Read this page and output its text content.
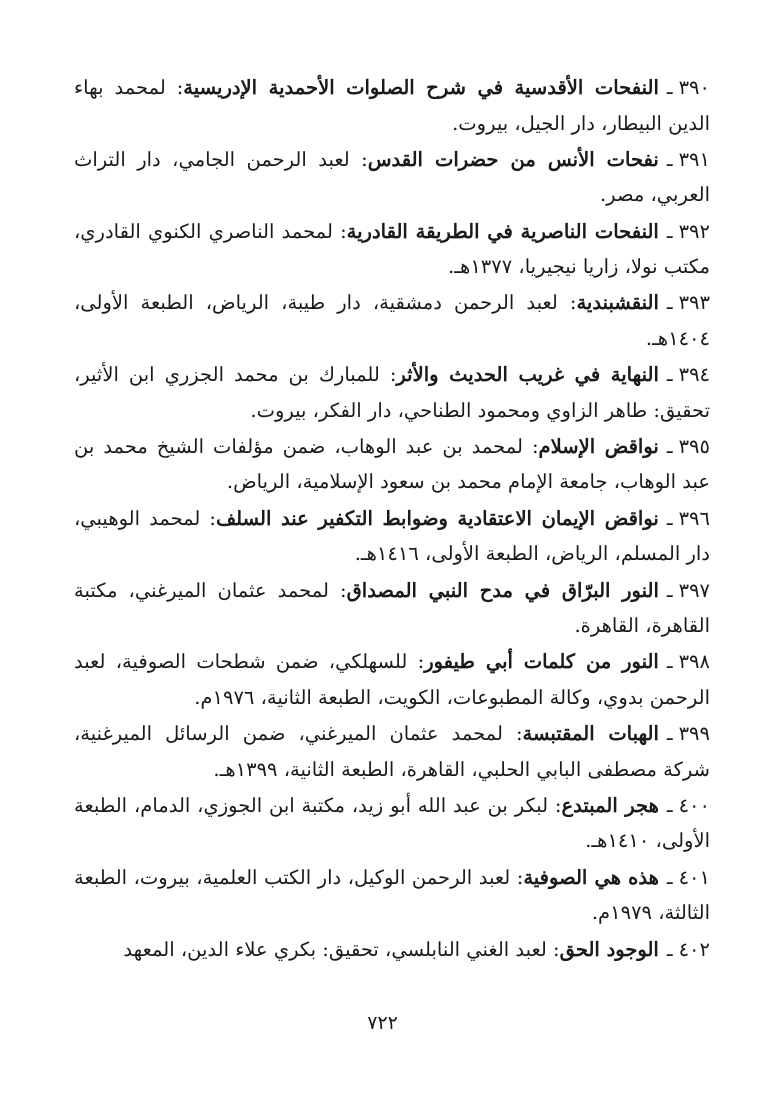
٣٩٠ـالنفحات الأقدسية في شرح الصلوات الأحمدية الإدريسية: لمحمد بهاء الدين البيطار، دار الجيل، بيروت.
٣٩١ـنفحات الأنس من حضرات القدس: لعبد الرحمن الجامي، دار التراث العربي، مصر.
٣٩٢ـالنفحات الناصرية في الطريقة القادرية: لمحمد الناصري الكنوي القادري، مكتب نولا، زاريا نيجيريا، ١٣٧٧هـ.
٣٩٣ـالنقشبندية: لعبد الرحمن دمشقية، دار طيبة، الرياض، الطبعة الأولى، ١٤٠٤هـ.
٣٩٤ـالنهاية في غريب الحديث والأثر: للمبارك بن محمد الجزري ابن الأثير، تحقيق: طاهر الزاوي ومحمود الطناحي، دار الفكر، بيروت.
٣٩٥ـنواقض الإسلام: لمحمد بن عبد الوهاب، ضمن مؤلفات الشيخ محمد بن عبد الوهاب، جامعة الإمام محمد بن سعود الإسلامية، الرياض.
٣٩٦ـنواقض الإيمان الاعتقادية وضوابط التكفير عند السلف: لمحمد الوهيبي، دار المسلم، الرياض، الطبعة الأولى، ١٤١٦هـ.
٣٩٧ـالنور البرّاق في مدح النبي المصداق: لمحمد عثمان الميرغني، مكتبة القاهرة، القاهرة.
٣٩٨ـالنور من كلمات أبي طيفور: للسهلكي، ضمن شطحات الصوفية، لعبد الرحمن بدوي، وكالة المطبوعات، الكويت، الطبعة الثانية، ١٩٧٦م.
٣٩٩ـالهبات المقتبسة: لمحمد عثمان الميرغني، ضمن الرسائل الميرغنية، شركة مصطفى البابي الحلبي، القاهرة، الطبعة الثانية، ١٣٩٩هـ.
٤٠٠ـهجر المبتدع: لبكر بن عبد الله أبو زيد، مكتبة ابن الجوزي، الدمام، الطبعة الأولى، ١٤١٠هـ.
٤٠١ـهذه هي الصوفية: لعبد الرحمن الوكيل، دار الكتب العلمية، بيروت، الطبعة الثالثة، ١٩٧٩م.
٤٠٢ـالوجود الحق: لعبد الغني النابلسي، تحقيق: بكري علاء الدين، المعهد
٧٢٢
